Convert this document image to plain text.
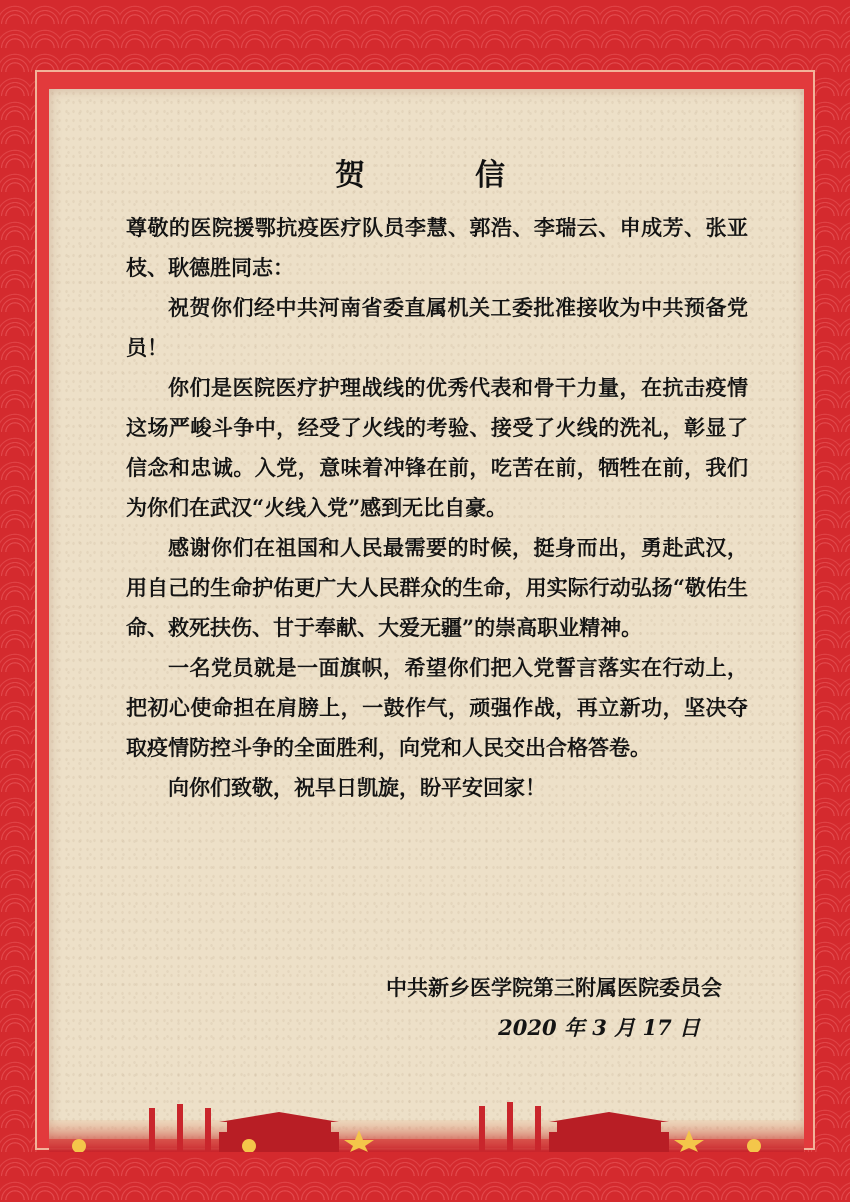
贺　信

尊敬的医院援鄂抗疫医疗队员李慧、郭浩、李瑞云、申成芳、张亚枝、耿德胜同志：

祝贺你们经中共河南省委直属机关工委批准接收为中共预备党员！

你们是医院医疗护理战线的优秀代表和骨干力量，在抗击疫情这场严峻斗争中，经受了火线的考验、接受了火线的洗礼，彰显了信念和忠诚。入党，意味着冲锋在前，吃苦在前，牺牲在前，我们为你们在武汉“火线入党”感到无比自豪。

感谢你们在祖国和人民最需要的时候，挺身而出，勇赴武汉，用自己的生命护佑更广大人民群众的生命，用实际行动弘扬“敬佑生命、救死扶伤、甘于奉献、大爱无疆”的崇高职业精神。

一名党员就是一面旗帜，希望你们把入党誓言落实在行动上，把初心使命担在肩膀上，一鼓作气，顽强作战，再立新功，坚决夺取疫情防控斗争的全面胜利，向党和人民交出合格答卷。

向你们致敬，祝早日凯旋，盼平安回家！

中共新乡医学院第三附属医院委员会
2020 年 3 月 17 日
